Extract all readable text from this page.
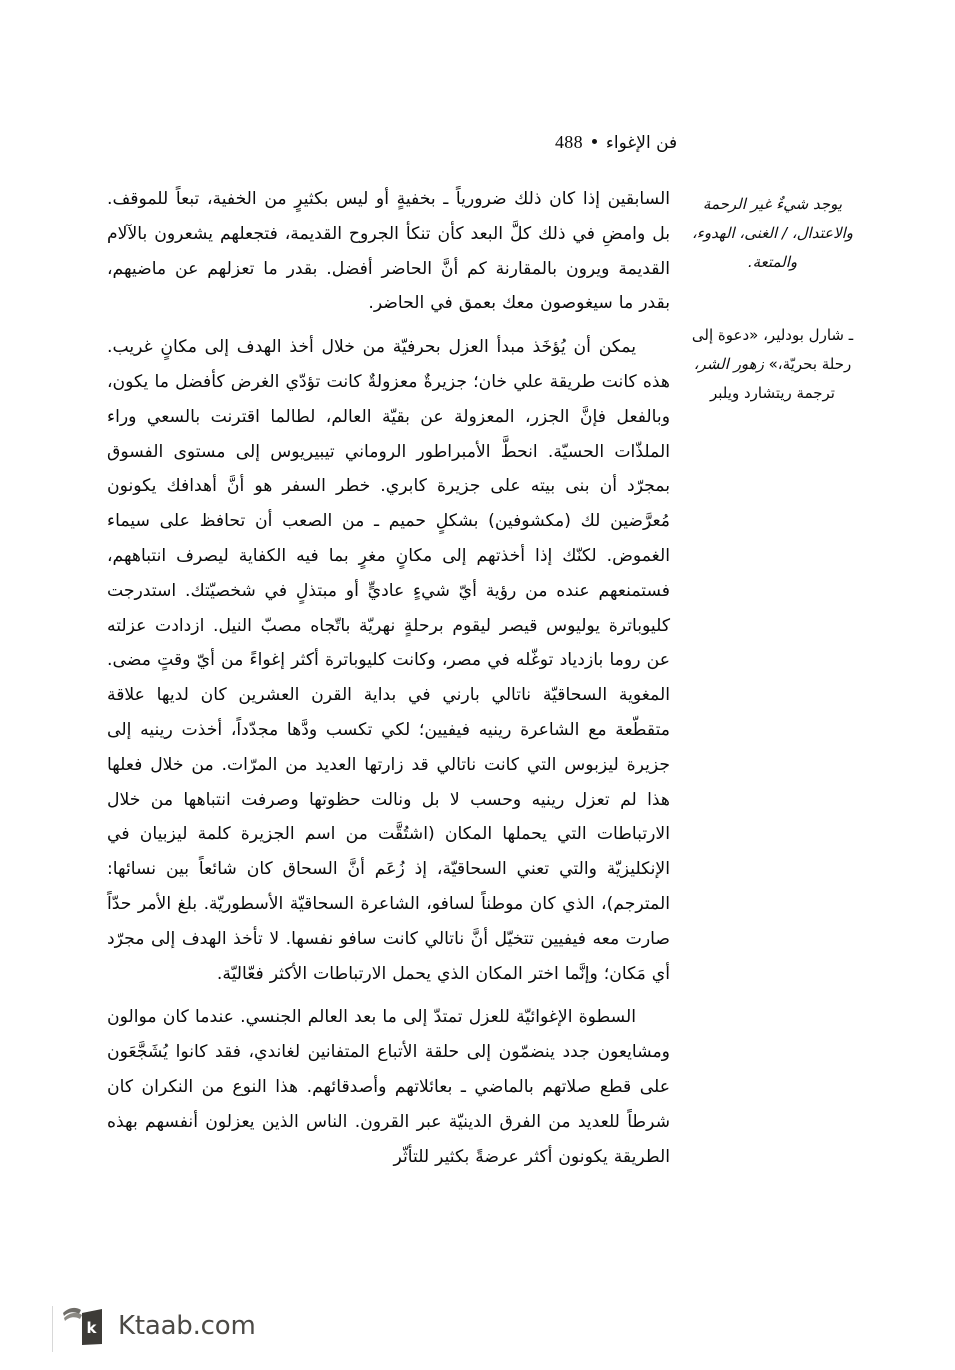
فن الإغواء
488

السابقين إذا كان ذلك ضرورياً ـ بخفيةٍ أو ليس بكثيرٍ من الخفية، تبعاً للموقف. بل وامضِ في ذلك كلَّ البعد كأن تنكأ الجروح القديمة، فتجعلهم يشعرون بالآلام القديمة ويرون بالمقارنة كم أنَّ الحاضر أفضل. بقدر ما تعزلهم عن ماضيهم، بقدر ما سيغوصون معك بعمق في الحاضر.

يمكن أن يُؤخَذ مبدأ العزل بحرفيّة من خلال أخذ الهدف إلى مكانٍ غريب. هذه كانت طريقة علي خان؛ جزيرةٌ معزولةٌ كانت تؤدّي الغرض كأفضل ما يكون، وبالفعل فإنَّ الجزر، المعزولة عن بقيّة العالم، لطالما اقترنت بالسعي وراء الملذّات الحسيّة. انحطَّ الأمبراطور الروماني تيبيريوس إلى مستوى الفسوق بمجرّد أن بنى بيته على جزيرة كابري. خطر السفر هو أنَّ أهدافك يكونون مُعرَّضين لك (مكشوفين) بشكلٍ حميم ـ من الصعب أن تحافظ على سيماء الغموض. لكنّك إذا أخذتهم إلى مكانٍ مغرٍ بما فيه الكفاية ليصرف انتباههم، فستمنعهم عنده من رؤية أيّ شيءٍ عاديٍّ أو مبتذلٍ في شخصيّتك. استدرجت كليوباترة يوليوس قيصر ليقوم برحلةٍ نهريّة باتّجاه مصبّ النيل. ازدادت عزلته عن روما بازدياد توغّله في مصر، وكانت كليوباترة أكثر إغواءً من أيّ وقتٍ مضى. المغوية السحاقيّة ناتالي بارني في بداية القرن العشرين كان لديها علاقة متقطّعة مع الشاعرة رينيه فيفيين؛ لكي تكسب ودَّها مجدّداً، أخذت رينيه إلى جزيرة ليزبوس التي كانت ناتالي قد زارتها العديد من المرّات. من خلال فعلها هذا لم تعزل رينيه وحسب لا بل ونالت حظوتها وصرفت انتباهها من خلال الارتباطات التي يحملها المكان (اشتُقَّت من اسم الجزيرة كلمة ليزبيان في الإنكليزيّة والتي تعني السحاقيّة، إذ زُعَم أنَّ السحاق كان شائعاً بين نسائها: المترجم)، الذي كان موطناً لسافو، الشاعرة السحاقيّة الأسطوريّة. بلغ الأمر حدّاً صارت معه فيفيين تتخيّل أنَّ ناتالي كانت سافو نفسها. لا تأخذ الهدف إلى مجرّد أي مَكان؛ وإنَّما اختر المكان الذي يحمل الارتباطات الأكثر فعّاليّة.

السطوة الإغوائيّة للعزل تمتدّ إلى ما بعد العالم الجنسي. عندما كان موالون ومشايعون جدد ينضمّون إلى حلقة الأتباع المتفانين لغاندي، فقد كانوا يُشَجَّعَون على قطع صلاتهم بالماضي ـ بعائلاتهم وأصدقائهم. هذا النوع من النكران كان شرطاً للعديد من الفرق الدينيّة عبر القرون. الناس الذين يعزلون أنفسهم بهذه الطريقة يكونون أكثر عرضةً بكثير للتأثّر

يوجد شيءٌ غير الرحمة والاعتدال، / الغنى، الهدوء، والمتعة.
ـ شارل بودلير، «دعوة إلى رحلة بحريّة،» زهور الشر، ترجمة ريتشارد ويلبر
k Ktaab.com
